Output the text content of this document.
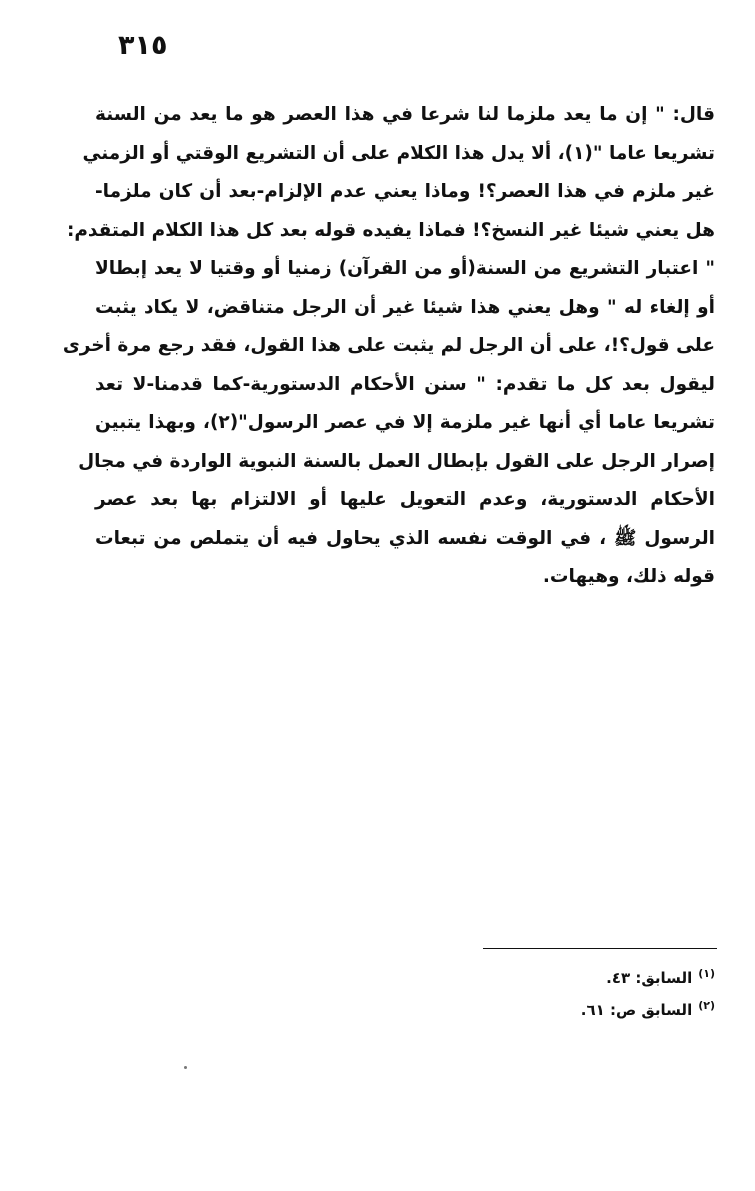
٣١٥
قال: " إن ما يعد ملزما لنا شرعا في هذا العصر هو ما يعد من السنة
تشريعا عاما "(١)، ألا يدل هذا الكلام على أن التشريع الوقتي أو الزمني
غير ملزم في هذا العصر؟! وماذا يعني عدم الإلزام-بعد أن كان ملزما-
هل يعني شيئا غير النسخ؟! فماذا يفيده قوله بعد كل هذا الكلام المتقدم:
" اعتبار التشريع من السنة(أو من القرآن) زمنيا أو وقتيا لا يعد إبطالا
أو إلغاء له " وهل يعني هذا شيئا غير أن الرجل متناقض، لا يكاد يثبت
على قول؟!، على أن الرجل لم يثبت على هذا القول، فقد رجع مرة أخرى
ليقول بعد كل ما تقدم: " سنن الأحكام الدستورية-كما قدمنا-لا تعد
تشريعا عاما أي أنها غير ملزمة إلا في عصر الرسول"(٢)، وبهذا يتبين
إصرار الرجل على القول بإبطال العمل بالسنة النبوية الواردة في مجال
الأحكام الدستورية، وعدم التعويل عليها أو الالتزام بها بعد عصر
الرسول ﷺ ، في الوقت نفسه الذي يحاول فيه أن يتملص من تبعات
قوله ذلك، وهيهات.
$^{(١)}$السابق: ٤٣.
$^{(٢)}$السابق ص: ٦١.
